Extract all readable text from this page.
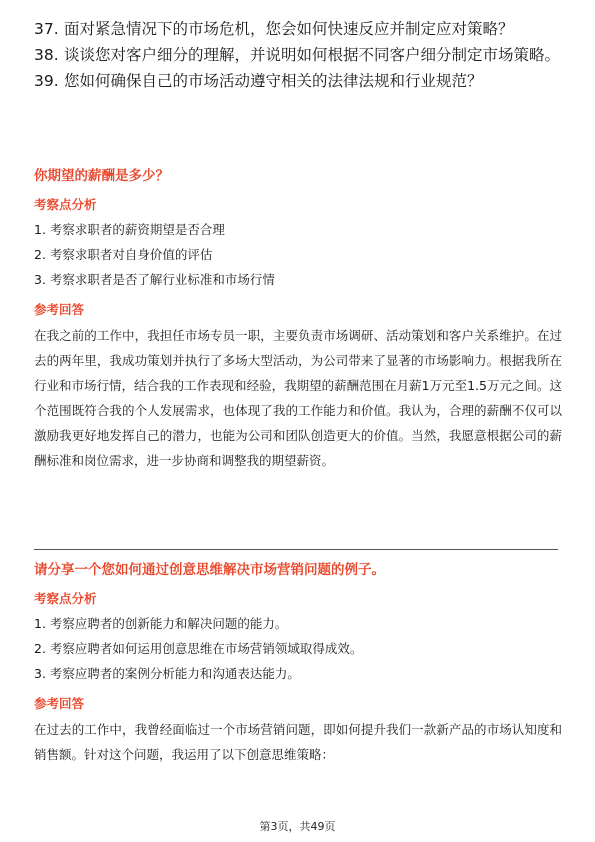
37. 面对紧急情况下的市场危机，您会如何快速反应并制定应对策略？
38. 谈谈您对客户细分的理解，并说明如何根据不同客户细分制定市场策略。
39. 您如何确保自己的市场活动遵守相关的法律法规和行业规范？
你期望的薪酬是多少？
考察点分析
1. 考察求职者的薪资期望是否合理
2. 考察求职者对自身价值的评估
3. 考察求职者是否了解行业标准和市场行情
参考回答
在我之前的工作中，我担任市场专员一职，主要负责市场调研、活动策划和客户关系维护。在过去的两年里，我成功策划并执行了多场大型活动，为公司带来了显著的市场影响力。根据我所在行业和市场行情，结合我的工作表现和经验，我期望的薪酬范围在月薪1万元至1.5万元之间。这个范围既符合我的个人发展需求，也体现了我的工作能力和价值。我认为，合理的薪酬不仅可以激励我更好地发挥自己的潜力，也能为公司和团队创造更大的价值。当然，我愿意根据公司的薪酬标准和岗位需求，进一步协商和调整我的期望薪资。
请分享一个您如何通过创意思维解决市场营销问题的例子。
考察点分析
1. 考察应聘者的创新能力和解决问题的能力。
2. 考察应聘者如何运用创意思维在市场营销领域取得成效。
3. 考察应聘者的案例分析能力和沟通表达能力。
参考回答
在过去的工作中，我曾经面临过一个市场营销问题，即如何提升我们一款新产品的市场认知度和销售额。针对这个问题，我运用了以下创意思维策略：
第3页，共49页
